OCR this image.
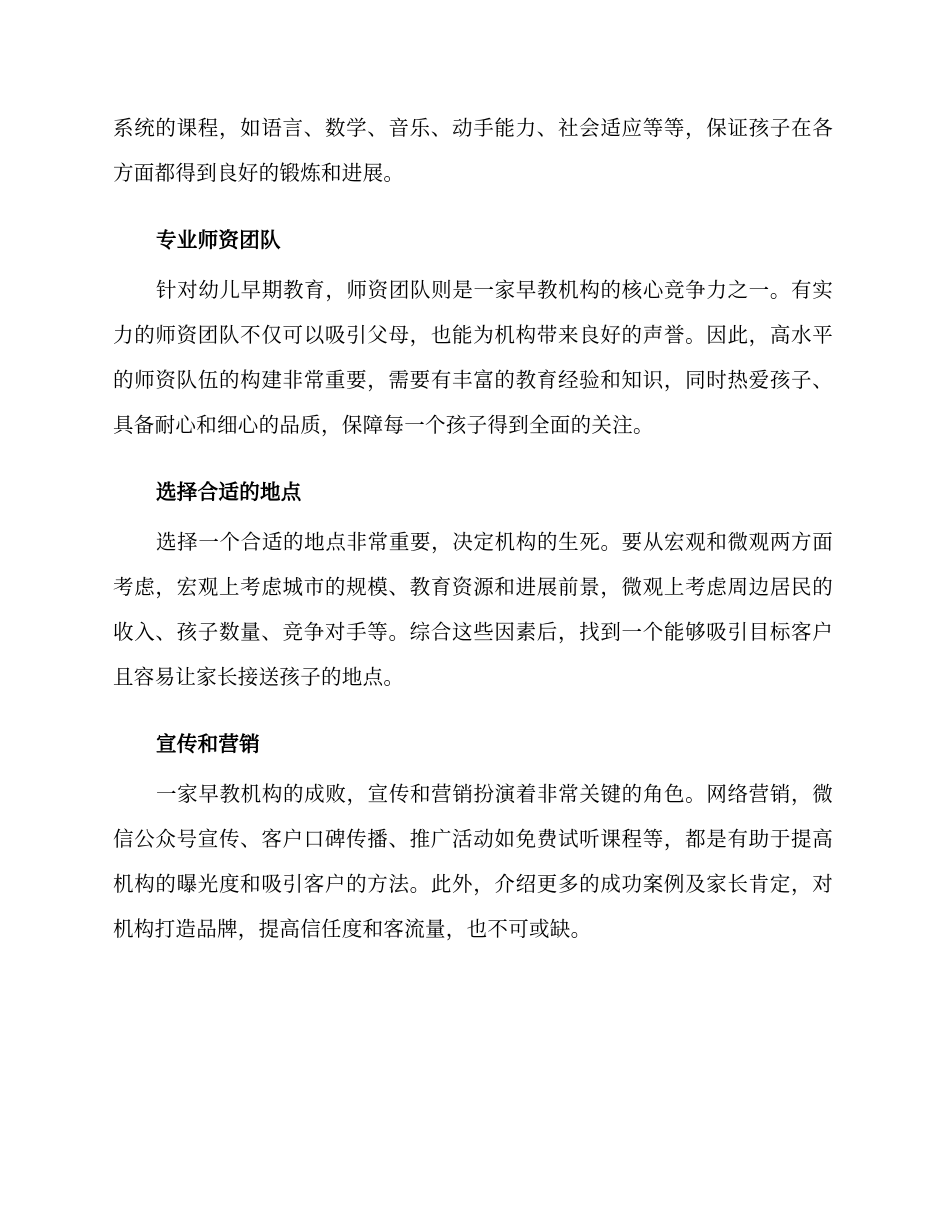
系统的课程，如语言、数学、音乐、动手能力、社会适应等等，保证孩子在各方面都得到良好的锻炼和进展。

专业师资团队

针对幼儿早期教育，师资团队则是一家早教机构的核心竞争力之一。有实力的师资团队不仅可以吸引父母，也能为机构带来良好的声誉。因此，高水平的师资队伍的构建非常重要，需要有丰富的教育经验和知识，同时热爱孩子、具备耐心和细心的品质，保障每一个孩子得到全面的关注。

选择合适的地点

选择一个合适的地点非常重要，决定机构的生死。要从宏观和微观两方面考虑，宏观上考虑城市的规模、教育资源和进展前景，微观上考虑周边居民的收入、孩子数量、竞争对手等。综合这些因素后，找到一个能够吸引目标客户且容易让家长接送孩子的地点。

宣传和营销

一家早教机构的成败，宣传和营销扮演着非常关键的角色。网络营销，微信公众号宣传、客户口碑传播、推广活动如免费试听课程等，都是有助于提高机构的曝光度和吸引客户的方法。此外，介绍更多的成功案例及家长肯定，对机构打造品牌，提高信任度和客流量，也不可或缺。
